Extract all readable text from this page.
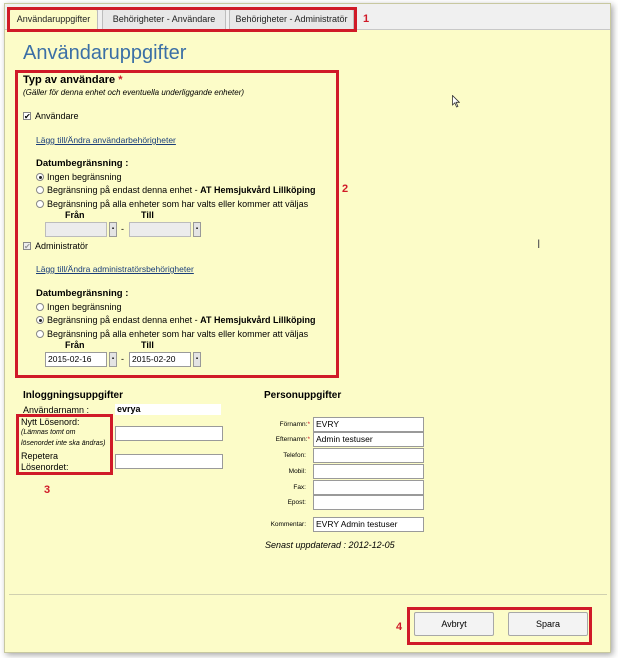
Användaruppgifter	Behörigheter - Användare	Behörigheter - Administratör	1
Användaruppgifter
2
Typ av användare *
(Gäller för denna enhet och eventuella underliggande enheter)
✔ Användare
Lägg till/Ändra användarbehörigheter
Datumbegränsning :
Ingen begränsning
Begränsning på endast denna enhet - AT Hemsjukvård Lillköping
Begränsning på alla enheter som har valts eller kommer att väljas
Från	Till
▪ -	▪
✔ Administratör
Lägg till/Ändra administratörsbehörigheter
Datumbegränsning :
Ingen begränsning
Begränsning på endast denna enhet - AT Hemsjukvård Lillköping
Begränsning på alla enheter som har valts eller kommer att väljas
Från	Till
2015-02-16	▪ - 2015-02-20	▪
Inloggningsuppgifter
Användarnamn :	evrya
3
Nytt Lösenord:
(Lämnas tomt om
lösenordet inte ska ändras)
Repetera
Lösenordet:
Personuppgifter
Förnamn:* EVRY
Efternamn:* Admin testuser
Telefon:
Mobil:
Fax:
Epost:
Kommentar:	EVRY Admin testuser
Senast uppdaterad : 2012-12-05
4	Avbryt	Spara
I
